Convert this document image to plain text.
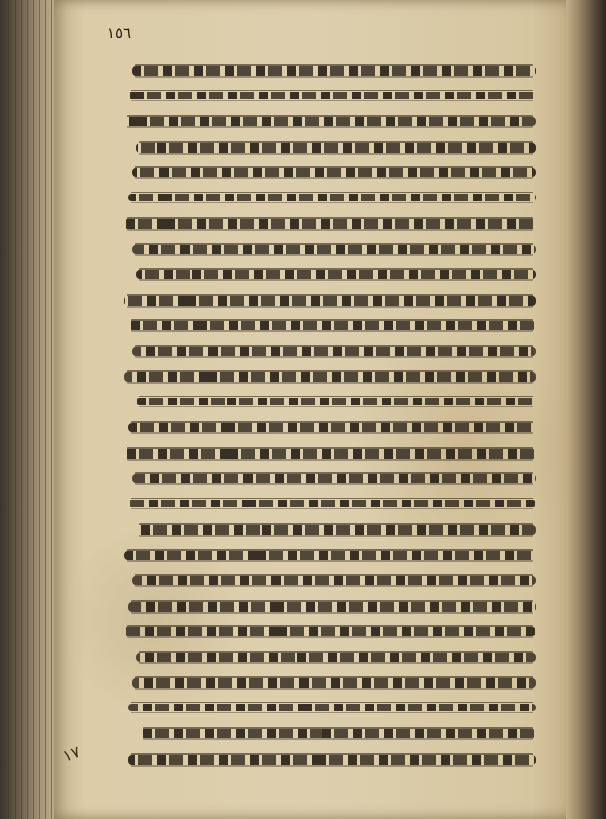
١٥٦
١٧
